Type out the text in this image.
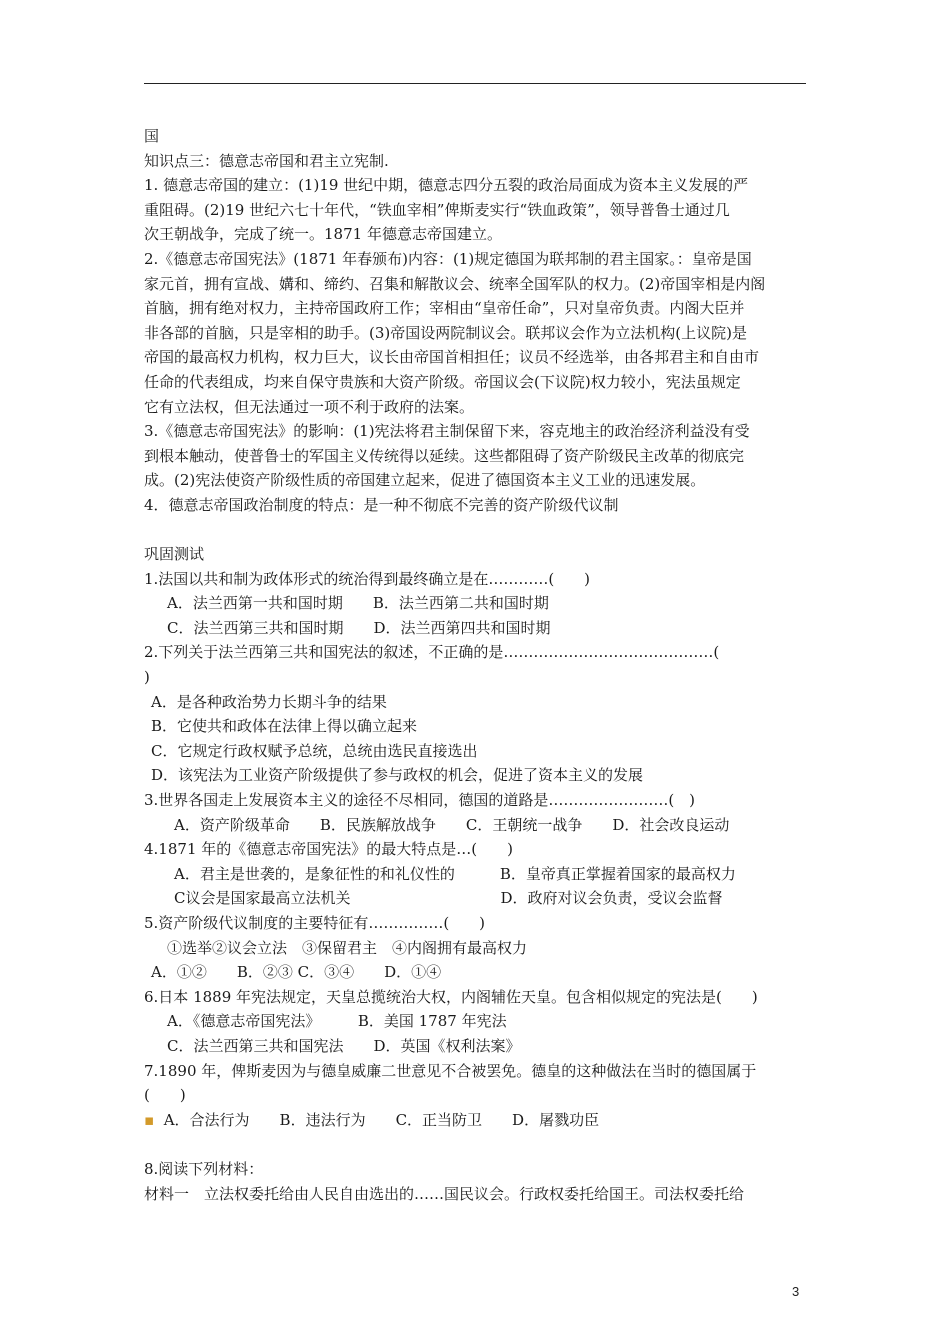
国
知识点三：德意志帝国和君主立宪制.
1. 德意志帝国的建立：(1)19 世纪中期，德意志四分五裂的政治局面成为资本主义发展的严
重阻碍。(2)19 世纪六七十年代，“铁血宰相”俾斯麦实行“铁血政策”，领导普鲁士通过几
次王朝战争，完成了统一。1871 年德意志帝国建立。
2.《德意志帝国宪法》(1871 年春颁布)内容：(1)规定德国为联邦制的君主国家。：皇帝是国
家元首，拥有宣战、媾和、缔约、召集和解散议会、统率全国军队的权力。(2)帝国宰相是内阁
首脑，拥有绝对权力，主持帝国政府工作；宰相由“皇帝任命”，只对皇帝负责。内阁大臣并
非各部的首脑，只是宰相的助手。(3)帝国设两院制议会。联邦议会作为立法机构(上议院)是
帝国的最高权力机构，权力巨大，议长由帝国首相担任；议员不经选举，由各邦君主和自由市
任命的代表组成，均来自保守贵族和大资产阶级。帝国议会(下议院)权力较小，宪法虽规定
它有立法权，但无法通过一项不利于政府的法案。
3.《德意志帝国宪法》的影响：(1)宪法将君主制保留下来，容克地主的政治经济利益没有受
到根本触动，使普鲁士的军国主义传统得以延续。这些都阻碍了资产阶级民主改革的彻底完
成。(2)宪法使资产阶级性质的帝国建立起来，促进了德国资本主义工业的迅速发展。
4．德意志帝国政治制度的特点：是一种不彻底不完善的资产阶级代议制
巩固测试
1.法国以共和制为政体形式的统治得到最终确立是在…………(　　)
A．法兰西第一共和国时期　　B．法兰西第二共和国时期
C．法兰西第三共和国时期　　D．法兰西第四共和国时期
2.下列关于法兰西第三共和国宪法的叙述，不正确的是……………………………………(
)
A．是各种政治势力长期斗争的结果
B．它使共和政体在法律上得以确立起来
C．它规定行政权赋予总统，总统由选民直接选出
D．该宪法为工业资产阶级提供了参与政权的机会，促进了资本主义的发展
3.世界各国走上发展资本主义的途径不尽相同，德国的道路是……………………(　)
A．资产阶级革命　　B．民族解放战争　　C．王朝统一战争　　D．社会改良运动
4.1871 年的《德意志帝国宪法》的最大特点是…(　　)
A．君主是世袭的，是象征性的和礼仪性的　　　B．皇帝真正掌握着国家的最高权力
C议会是国家最高立法机关　　　　　　　　　　D．政府对议会负责，受议会监督
5.资产阶级代议制度的主要特征有……………(　　)
①选举②议会立法　③保留君主　④内阁拥有最高权力
A．①②　　B．②③ C．③④　　D．①④
6.日本 1889 年宪法规定，天皇总揽统治大权，内阁辅佐天皇。包含相似规定的宪法是(　　)
A．《德意志帝国宪法》　　　B．美国 1787 年宪法
C．法兰西第三共和国宪法　　D．英国《权利法案》
7.1890 年，俾斯麦因为与德皇威廉二世意见不合被罢免。德皇的这种做法在当时的德国属于
(　　)
▪ A．合法行为　　B．违法行为　　C．正当防卫　　D．屠戮功臣
8.阅读下列材料：
材料一　立法权委托给由人民自由选出的……国民议会。行政权委托给国王。司法权委托给
3
